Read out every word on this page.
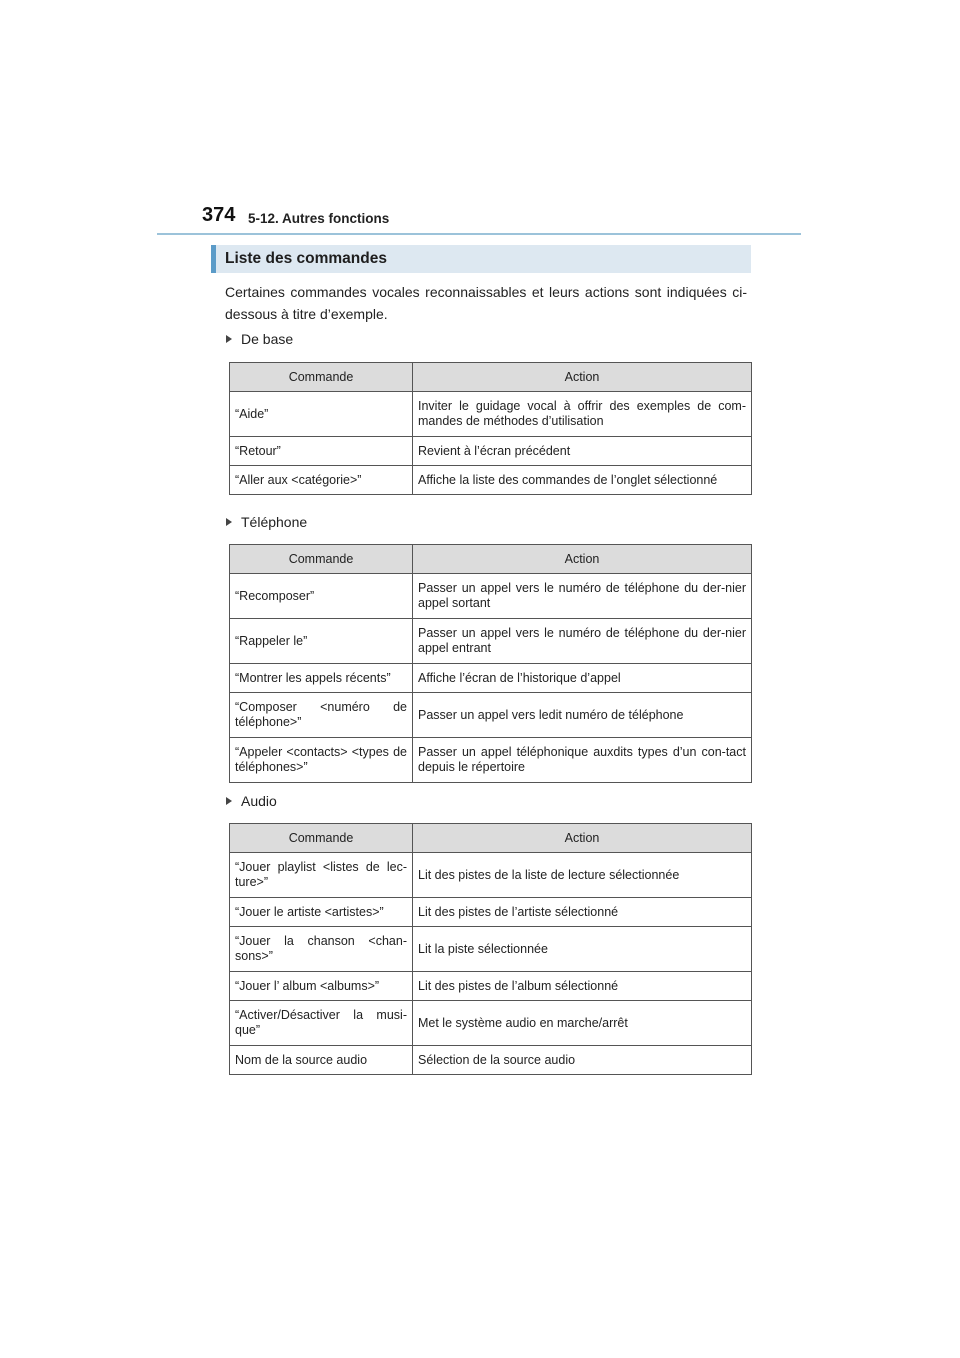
374 5-12. Autres fonctions
Liste des commandes
Certaines commandes vocales reconnaissables et leurs actions sont indiquées ci-dessous à titre d’exemple.
De base
Commande	Action
“Aide”	Inviter le guidage vocal à offrir des exemples de com-mandes de méthodes d’utilisation
“Retour”	Revient à l’écran précédent
“Aller aux <catégorie>”	Affiche la liste des commandes de l’onglet sélectionné
Téléphone
Commande	Action
“Recomposer”	Passer un appel vers le numéro de téléphone du der-nier appel sortant
“Rappeler le”	Passer un appel vers le numéro de téléphone du der-nier appel entrant
“Montrer les appels récents”	Affiche l’écran de l’historique d’appel
“Composer <numéro de téléphone>”	Passer un appel vers ledit numéro de téléphone
“Appeler <contacts> <types de téléphones>”	Passer un appel téléphonique auxdits types d’un con-tact depuis le répertoire
Audio
Commande	Action
“Jouer playlist <listes de lec-ture>”	Lit des pistes de la liste de lecture sélectionnée
“Jouer le artiste <artistes>”	Lit des pistes de l’artiste sélectionné
“Jouer la chanson <chan-sons>”	Lit la piste sélectionnée
“Jouer l’ album <albums>”	Lit des pistes de l’album sélectionné
“Activer/Désactiver la musi-que”	Met le système audio en marche/arrêt
Nom de la source audio	Sélection de la source audio
